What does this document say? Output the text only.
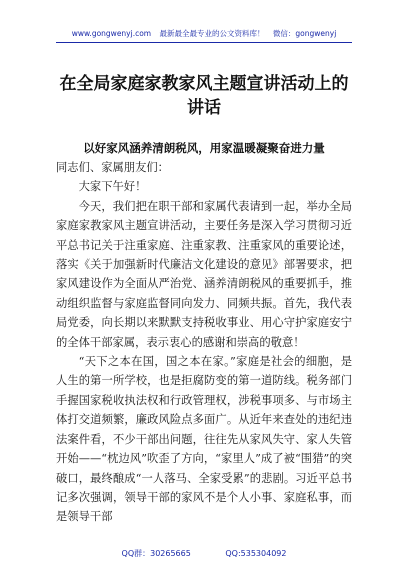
www.gongwenyj.com 最新最全最专业的公文资料库！ 微信：gongwenyj
在全局家庭家教家风主题宣讲活动上的讲话
以好家风涵养清朗税风，用家温暖凝聚奋进力量

同志们、家属朋友们：

大家下午好！

今天，我们把在职干部和家属代表请到一起，举办全局家庭家教家风主题宣讲活动，主要任务是深入学习贯彻习近平总书记关于注重家庭、注重家教、注重家风的重要论述，落实《关于加强新时代廉洁文化建设的意见》部署要求，把家风建设作为全面从严治党、涵养清朗税风的重要抓手，推动组织监督与家庭监督同向发力、同频共振。首先，我代表局党委，向长期以来默默支持税收事业、用心守护家庭安宁的全体干部家属，表示衷心的感谢和崇高的敬意！

“天下之本在国，国之本在家。”家庭是社会的细胞，是人生的第一所学校，也是拒腐防变的第一道防线。税务部门手握国家税收执法权和行政管理权，涉税事项多、与市场主体打交道频繁，廉政风险点多面广。从近年来查处的违纪违法案件看，不少干部出问题，往往先从家风失守、家人失管开始——“枕边风”吹歪了方向，“家里人”成了被“围猎”的突破口，最终酿成“一人落马、全家受累”的悲剧。习近平总书记多次强调，领导干部的家风不是个人小事、家庭私事，而是领导干部

QQ群：30265665	QQ:535304092
